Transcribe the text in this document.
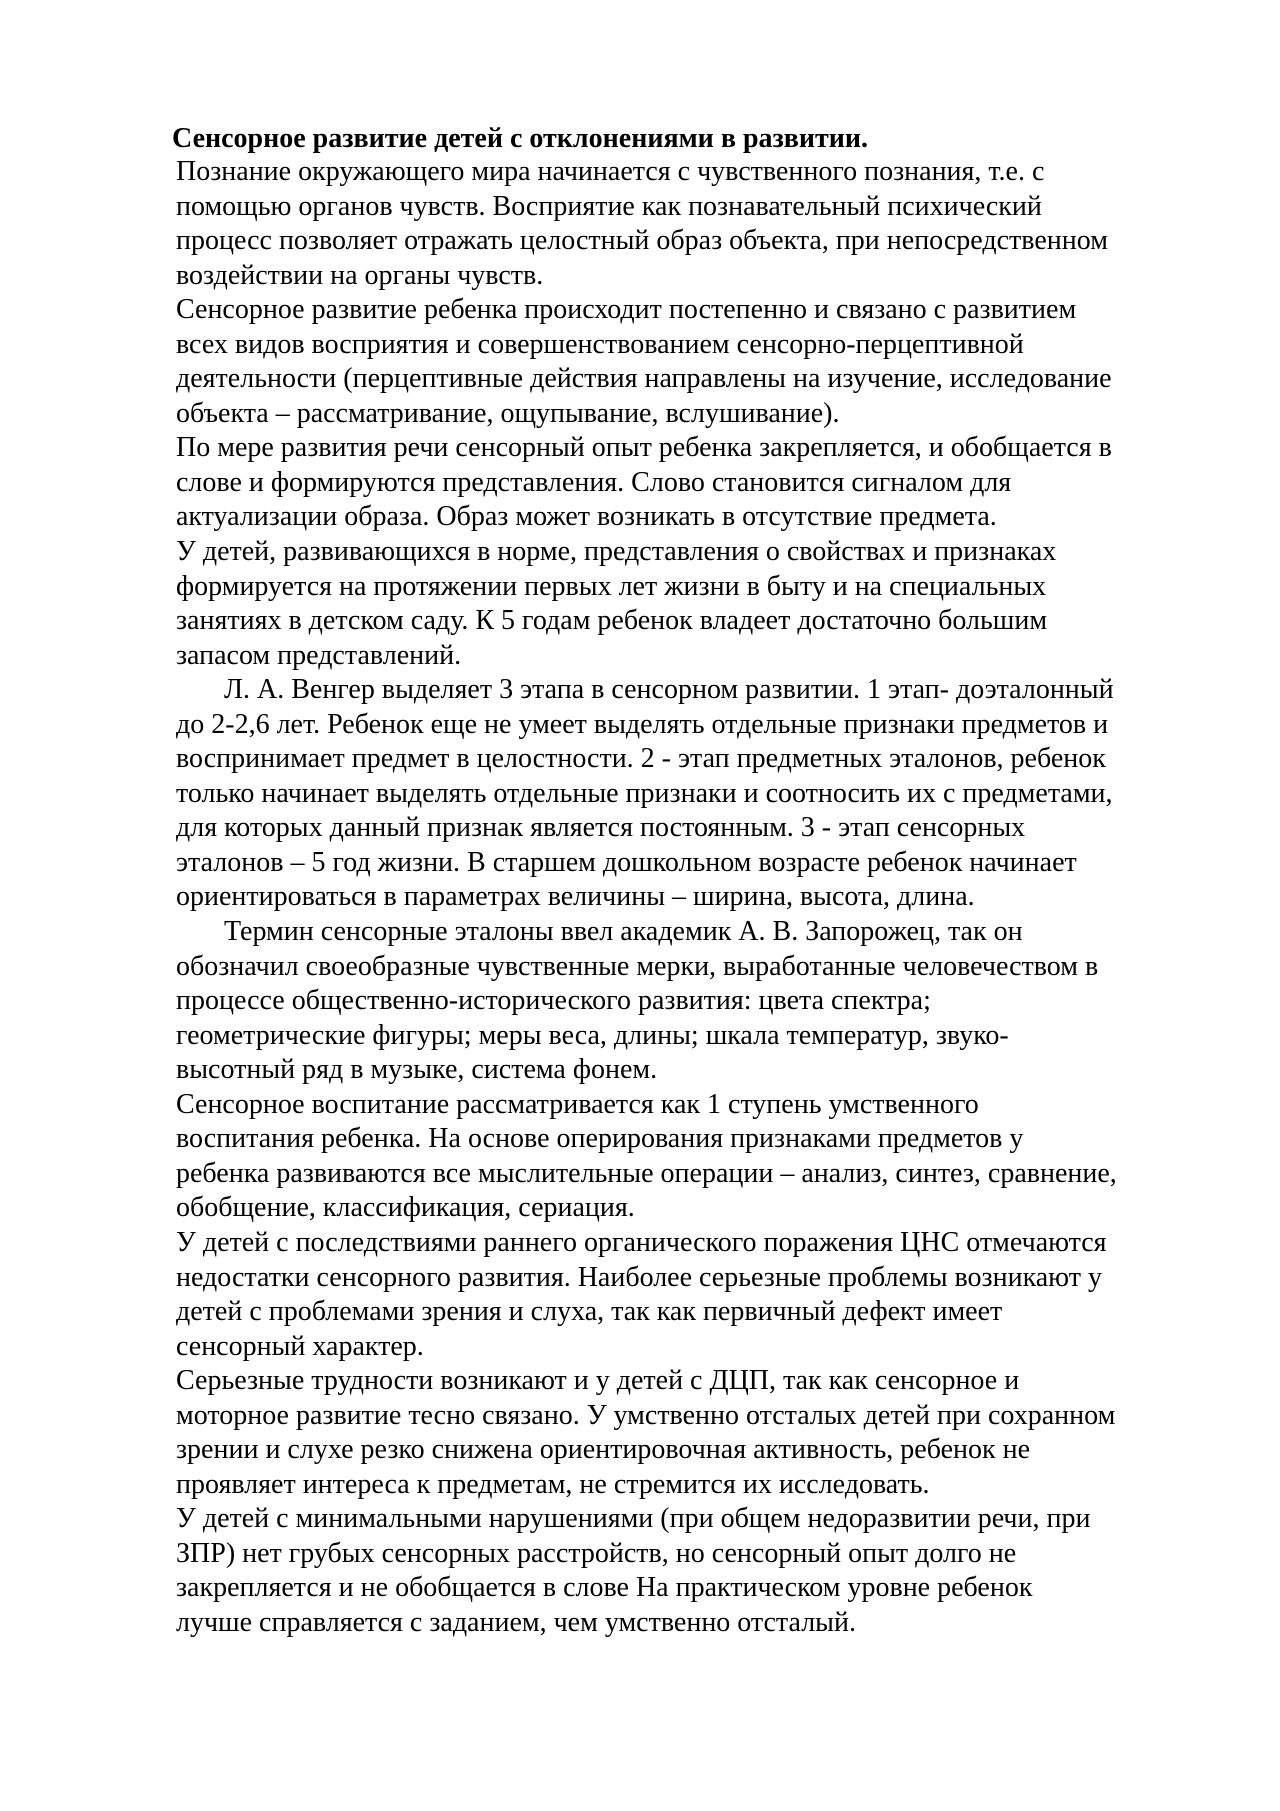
Сенсорное развитие детей с отклонениями в развитии.
Познание окружающего мира начинается с чувственного познания, т.е. с
помощью органов чувств. Восприятие как познавательный психический
процесс позволяет отражать целостный образ объекта, при непосредственном
воздействии на органы чувств.
Сенсорное развитие ребенка происходит постепенно и связано с развитием
всех видов восприятия и совершенствованием сенсорно-перцептивной
деятельности (перцептивные действия направлены на изучение, исследование
объекта – рассматривание, ощупывание, вслушивание).
По мере развития речи сенсорный опыт ребенка закрепляется, и обобщается в
слове и формируются представления. Слово становится сигналом для
актуализации образа. Образ может возникать в отсутствие предмета.
У детей, развивающихся в норме, представления о свойствах и признаках
формируется на протяжении первых лет жизни в быту и на специальных
занятиях в детском саду. К 5 годам ребенок владеет достаточно большим
запасом представлений.
Л. А. Венгер выделяет 3 этапа в сенсорном развитии. 1 этап- доэталонный
до 2-2,6 лет. Ребенок еще не умеет выделять отдельные признаки предметов и
воспринимает предмет в целостности. 2 - этап предметных эталонов, ребенок
только начинает выделять отдельные признаки и соотносить их с предметами,
для которых данный признак является постоянным. 3 - этап сенсорных
эталонов – 5 год жизни. В старшем дошкольном возрасте ребенок начинает
ориентироваться в параметрах величины – ширина, высота, длина.
Термин сенсорные эталоны ввел академик А. В. Запорожец, так он
обозначил своеобразные чувственные мерки, выработанные человечеством в
процессе общественно-исторического развития: цвета спектра;
геометрические фигуры; меры веса, длины; шкала температур, звуко-
высотный ряд в музыке, система фонем.
Сенсорное воспитание рассматривается как 1 ступень умственного
воспитания ребенка. На основе оперирования признаками предметов у
ребенка развиваются все мыслительные операции – анализ, синтез, сравнение,
обобщение, классификация, сериация.
У детей с последствиями раннего органического поражения ЦНС отмечаются
недостатки сенсорного развития. Наиболее серьезные проблемы возникают у
детей с проблемами зрения и слуха, так как первичный дефект имеет
сенсорный характер.
Серьезные трудности возникают и у детей с ДЦП, так как сенсорное и
моторное развитие тесно связано. У умственно отсталых детей при сохранном
зрении и слухе резко снижена ориентировочная активность, ребенок не
проявляет интереса к предметам, не стремится их исследовать.
У детей с минимальными нарушениями (при общем недоразвитии речи, при
ЗПР) нет грубых сенсорных расстройств, но сенсорный опыт долго не
закрепляется и не обобщается в слове На практическом уровне ребенок
лучше справляется с заданием, чем умственно отсталый.
